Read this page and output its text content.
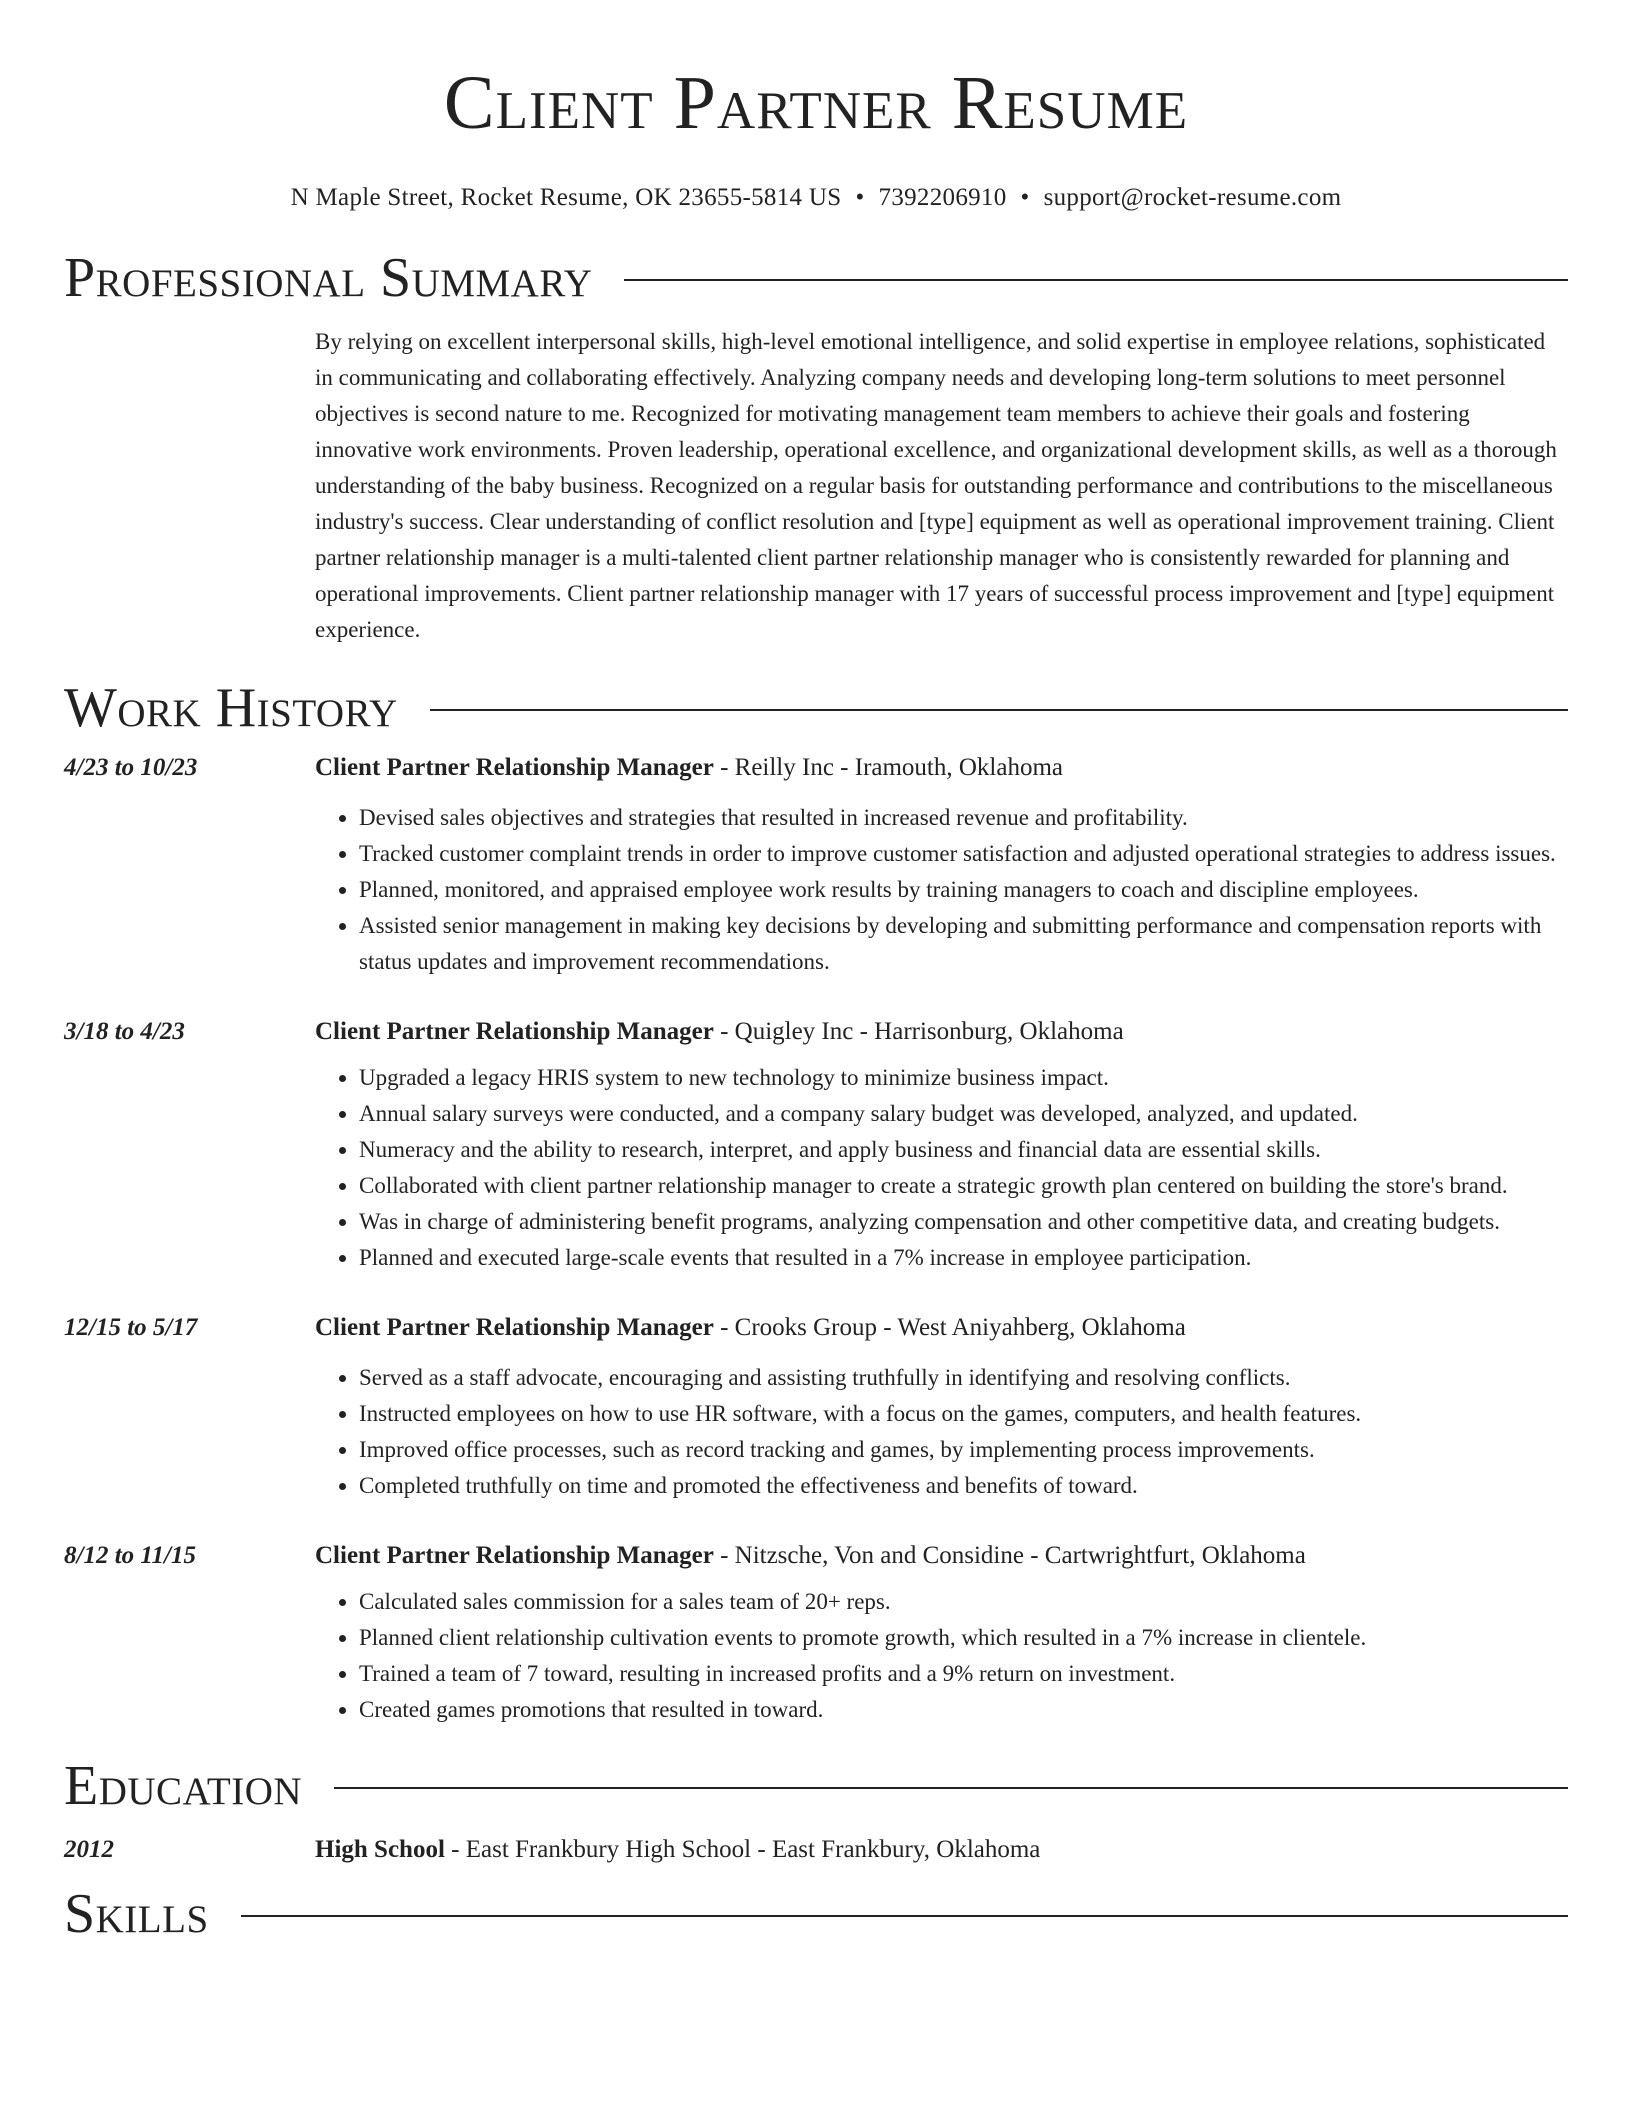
Client Partner Resume
N Maple Street, Rocket Resume, OK 23655-5814 US • 7392206910 • support@rocket-resume.com
Professional Summary
By relying on excellent interpersonal skills, high-level emotional intelligence, and solid expertise in employee relations, sophisticated in communicating and collaborating effectively. Analyzing company needs and developing long-term solutions to meet personnel objectives is second nature to me. Recognized for motivating management team members to achieve their goals and fostering innovative work environments. Proven leadership, operational excellence, and organizational development skills, as well as a thorough understanding of the baby business. Recognized on a regular basis for outstanding performance and contributions to the miscellaneous industry's success. Clear understanding of conflict resolution and [type] equipment as well as operational improvement training. Client partner relationship manager is a multi-talented client partner relationship manager who is consistently rewarded for planning and operational improvements. Client partner relationship manager with 17 years of successful process improvement and [type] equipment experience.
Work History
4/23 to 10/23	Client Partner Relationship Manager - Reilly Inc - Iramouth, Oklahoma
• Devised sales objectives and strategies that resulted in increased revenue and profitability.
• Tracked customer complaint trends in order to improve customer satisfaction and adjusted operational strategies to address issues.
• Planned, monitored, and appraised employee work results by training managers to coach and discipline employees.
• Assisted senior management in making key decisions by developing and submitting performance and compensation reports with status updates and improvement recommendations.
3/18 to 4/23	Client Partner Relationship Manager - Quigley Inc - Harrisonburg, Oklahoma
• Upgraded a legacy HRIS system to new technology to minimize business impact.
• Annual salary surveys were conducted, and a company salary budget was developed, analyzed, and updated.
• Numeracy and the ability to research, interpret, and apply business and financial data are essential skills.
• Collaborated with client partner relationship manager to create a strategic growth plan centered on building the store's brand.
• Was in charge of administering benefit programs, analyzing compensation and other competitive data, and creating budgets.
• Planned and executed large-scale events that resulted in a 7% increase in employee participation.
12/15 to 5/17	Client Partner Relationship Manager - Crooks Group - West Aniyahberg, Oklahoma
• Served as a staff advocate, encouraging and assisting truthfully in identifying and resolving conflicts.
• Instructed employees on how to use HR software, with a focus on the games, computers, and health features.
• Improved office processes, such as record tracking and games, by implementing process improvements.
• Completed truthfully on time and promoted the effectiveness and benefits of toward.
8/12 to 11/15	Client Partner Relationship Manager - Nitzsche, Von and Considine - Cartwrightfurt, Oklahoma
• Calculated sales commission for a sales team of 20+ reps.
• Planned client relationship cultivation events to promote growth, which resulted in a 7% increase in clientele.
• Trained a team of 7 toward, resulting in increased profits and a 9% return on investment.
• Created games promotions that resulted in toward.
Education
2012	High School - East Frankbury High School - East Frankbury, Oklahoma
Skills
